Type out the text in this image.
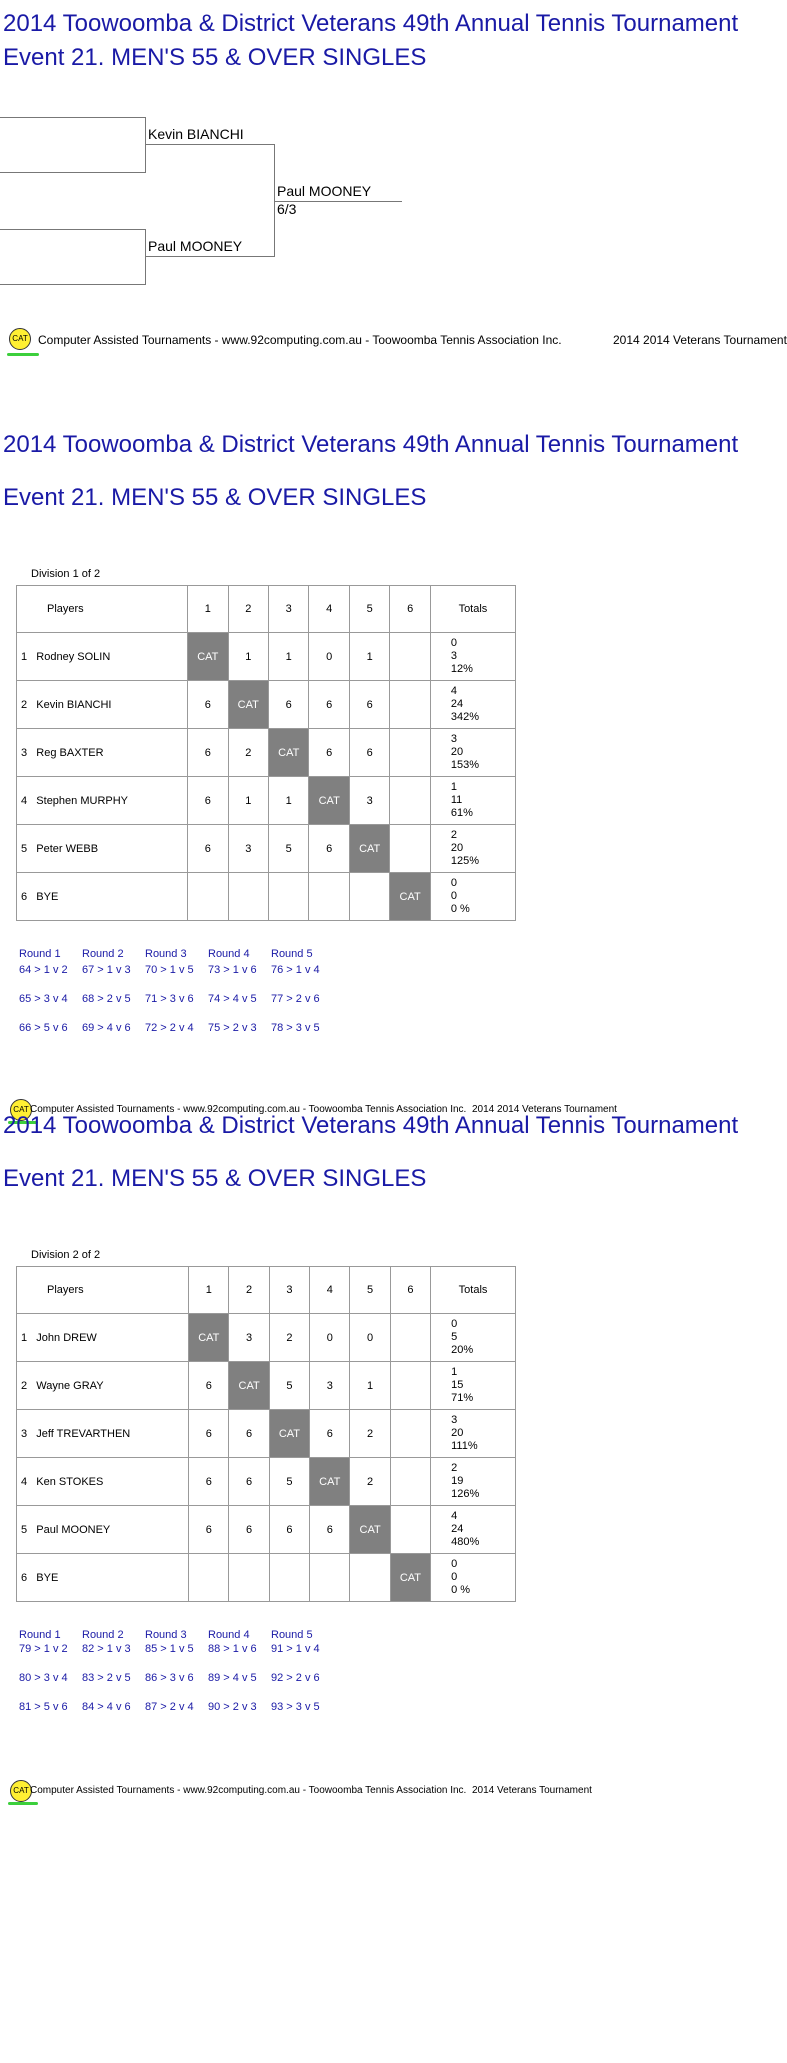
2014 Toowoomba & District Veterans 49th Annual Tennis Tournament
Event 21. MEN'S 55 & OVER SINGLES
Kevin BIANCHI
Paul MOONEY
Paul MOONEY
6/3
CAT Computer Assisted Tournaments - www.92computing.com.au - Toowoomba Tennis Association Inc.	2014 2014 Veterans Tournament
2014 Toowoomba & District Veterans 49th Annual Tennis Tournament
Event 21. MEN'S 55 & OVER SINGLES
Division 1 of 2
Players	1	2	3	4	5	6	Totals
1 Rodney SOLIN	CAT	1	1	0	1		0
3
12%

2 Kevin BIANCHI	6	CAT	6	6	6		4
24
342%

3 Reg BAXTER	6	2	CAT	6	6		3
20
153%

4 Stephen MURPHY	6	1	1	CAT	3		1
11
61%

5 Peter WEBB	6	3	5	6	CAT		2
20
125%

6 BYE						CAT	0
0
0 %
Round 1
64 > 1 v 2
65 > 3 v 4
66 > 5 v 6
Round 2
67 > 1 v 3
68 > 2 v 5
69 > 4 v 6
Round 3
70 > 1 v 5
71 > 3 v 6
72 > 2 v 4
Round 4
73 > 1 v 6
74 > 4 v 5
75 > 2 v 3
Round 5
76 > 1 v 4
77 > 2 v 6
78 > 3 v 5
CAT Computer Assisted Tournaments - www.92computing.com.au - Toowoomba Tennis Association Inc. 2014 2014 Veterans Tournament
2014 Toowoomba & District Veterans 49th Annual Tennis Tournament
Event 21. MEN'S 55 & OVER SINGLES
Division 2 of 2
Players	1	2	3	4	5	6	Totals
1 John DREW	CAT	3	2	0	0		0
5
20%

2 Wayne GRAY	6	CAT	5	3	1		1
15
71%

3 Jeff TREVARTHEN	6	6	CAT	6	2		3
20
111%

4 Ken STOKES	6	6	5	CAT	2		2
19
126%

5 Paul MOONEY	6	6	6	6	CAT		4
24
480%

6 BYE						CAT	0
0
0 %
Round 1
79 > 1 v 2
80 > 3 v 4
81 > 5 v 6
Round 2
82 > 1 v 3
83 > 2 v 5
84 > 4 v 6
Round 3
85 > 1 v 5
86 > 3 v 6
87 > 2 v 4
Round 4
88 > 1 v 6
89 > 4 v 5
90 > 2 v 3
Round 5
91 > 1 v 4
92 > 2 v 6
93 > 3 v 5
CAT Computer Assisted Tournaments - www.92computing.com.au - Toowoomba Tennis Association Inc. 2014 Veterans Tournament
